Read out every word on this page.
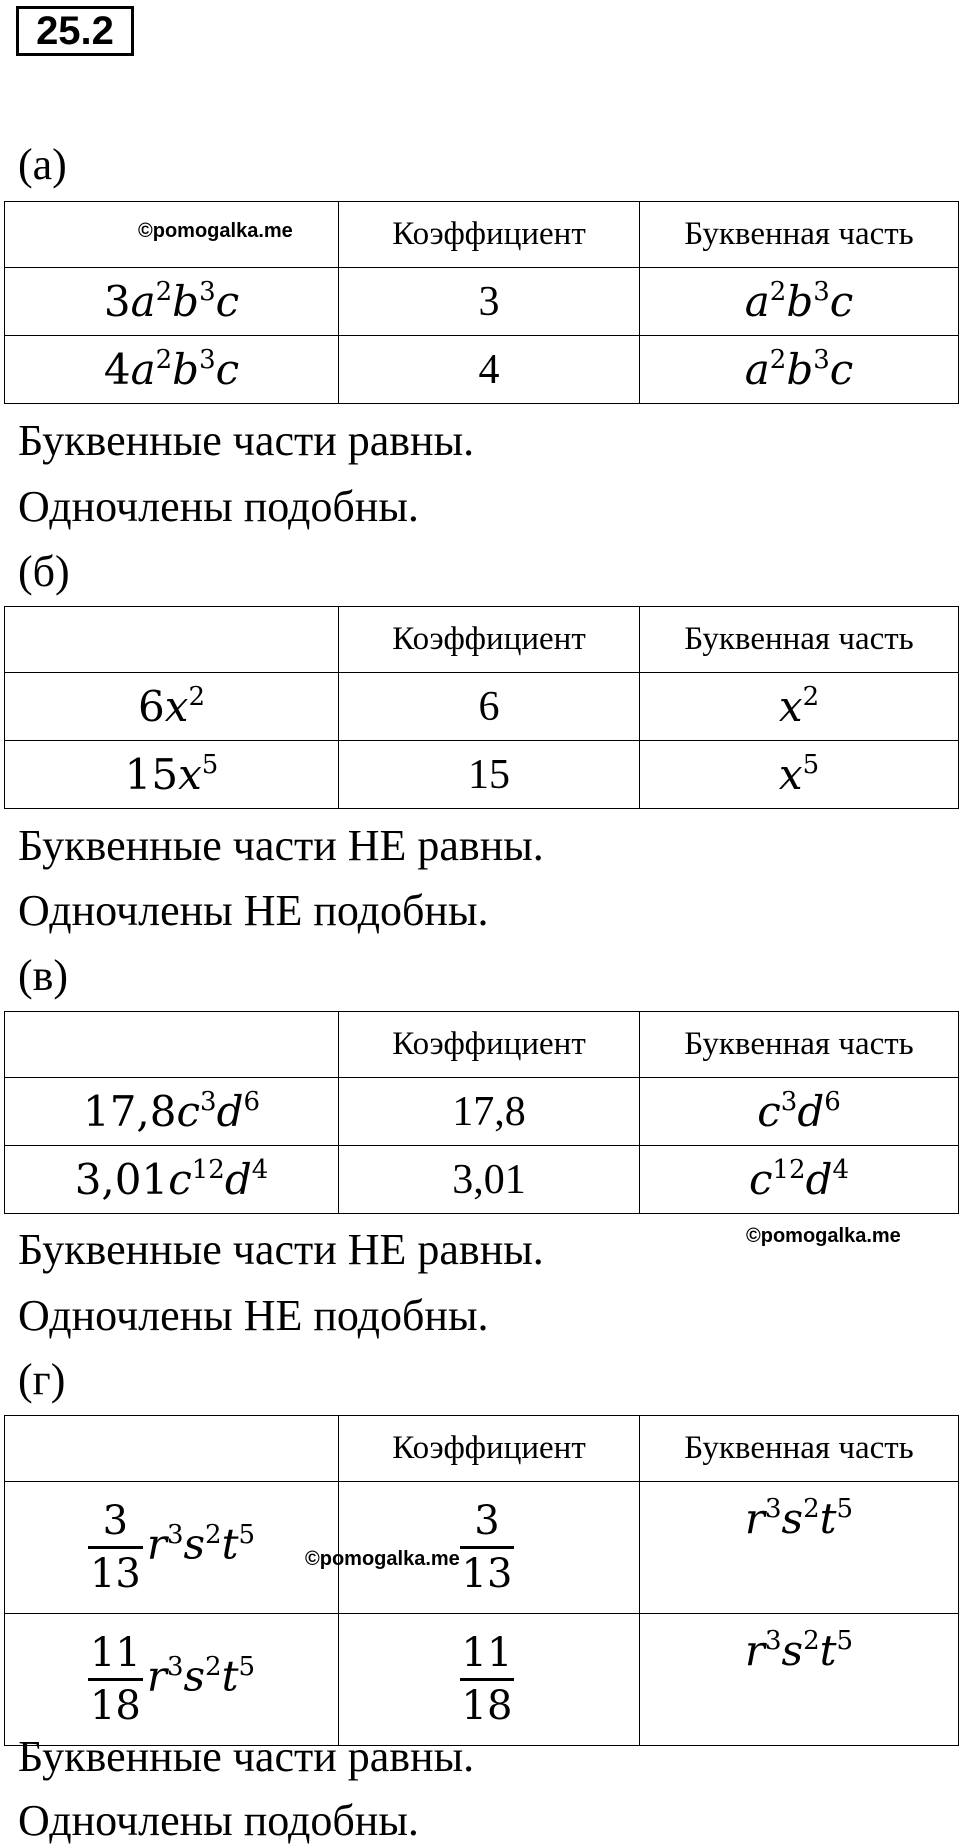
25.2
(а)
	Коэффициент	Буквенная часть
$3a^2b^3c$	3	$a^2b^3c$
$4a^2b^3c$	4	$a^2b^3c$
©pomogalka.me
Буквенные части равны.
Одночлены подобны.
(б)
	Коэффициент	Буквенная часть
$6x^2$	6	$x^2$
$15x^5$	15	$x^5$
Буквенные части НЕ равны.
Одночлены НЕ подобны.
(в)
	Коэффициент	Буквенная часть
$17,8c^3d^6$	17,8	$c^3d^6$
$3,01c^{12}d^4$	3,01	$c^{12}d^4$
Буквенные части НЕ равны.	©pomogalka.me
Одночлены НЕ подобны.
(г)
	Коэффициент	Буквенная часть

$\frac{3}{13} r^3s^2t^5$	$\frac{3}{13}$	$r^3s^2t^5$

$\frac{11}{18} r^3s^2t^5$	$\frac{11}{18}$	$r^3s^2t^5$
©pomogalka.me
Буквенные части равны.
Одночлены подобны.
